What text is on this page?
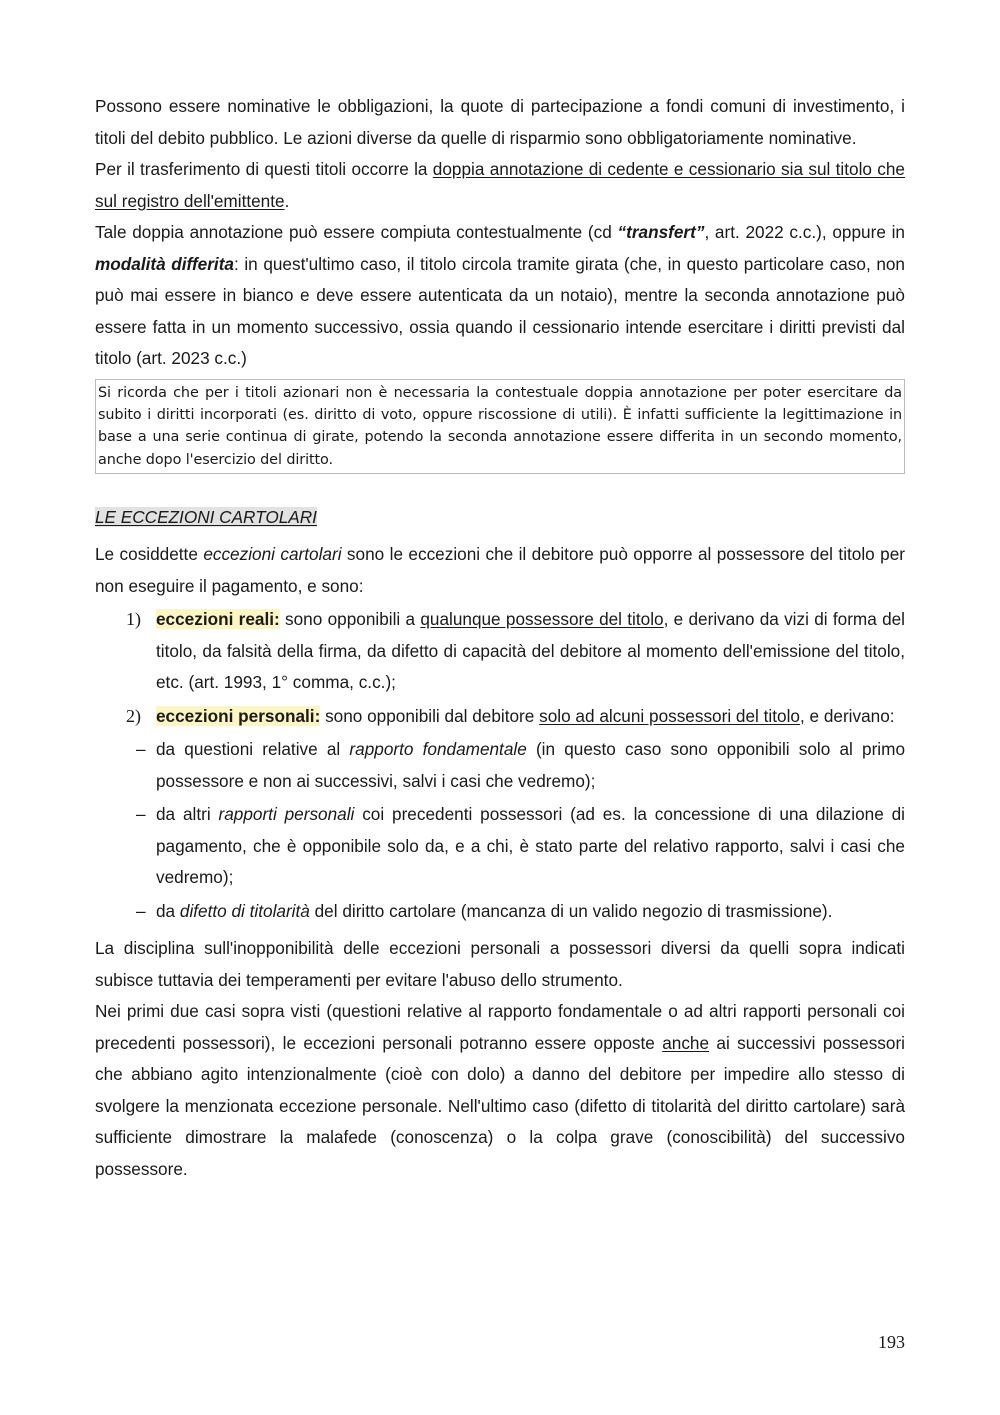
Possono essere nominative le obbligazioni, la quote di partecipazione a fondi comuni di investimento, i titoli del debito pubblico. Le azioni diverse da quelle di risparmio sono obbligatoriamente nominative.

Per il trasferimento di questi titoli occorre la doppia annotazione di cedente e cessionario sia sul titolo che sul registro dell'emittente.

Tale doppia annotazione può essere compiuta contestualmente (cd “transfert”, art. 2022 c.c.), oppure in modalità differita: in quest'ultimo caso, il titolo circola tramite girata (che, in questo particolare caso, non può mai essere in bianco e deve essere autenticata da un notaio), mentre la seconda annotazione può essere fatta in un momento successivo, ossia quando il cessionario intende esercitare i diritti previsti dal titolo (art. 2023 c.c.)

Si ricorda che per i titoli azionari non è necessaria la contestuale doppia annotazione per poter esercitare da subito i diritti incorporati (es. diritto di voto, oppure riscossione di utili). È infatti sufficiente la legittimazione in base a una serie continua di girate, potendo la seconda annotazione essere differita in un secondo momento, anche dopo l'esercizio del diritto.

LE ECCEZIONI CARTOLARI

Le cosiddette eccezioni cartolari sono le eccezioni che il debitore può opporre al possessore del titolo per non eseguire il pagamento, e sono:

1) eccezioni reali: sono opponibili a qualunque possessore del titolo, e derivano da vizi di forma del titolo, da falsità della firma, da difetto di capacità del debitore al momento dell'emissione del titolo, etc. (art. 1993, 1° comma, c.c.);
2) eccezioni personali: sono opponibili dal debitore solo ad alcuni possessori del titolo, e derivano:
– da questioni relative al rapporto fondamentale (in questo caso sono opponibili solo al primo possessore e non ai successivi, salvi i casi che vedremo);
– da altri rapporti personali coi precedenti possessori (ad es. la concessione di una dilazione di pagamento, che è opponibile solo da, e a chi, è stato parte del relativo rapporto, salvi i casi che vedremo);
– da difetto di titolarità del diritto cartolare (mancanza di un valido negozio di trasmissione).

La disciplina sull'inopponibilità delle eccezioni personali a possessori diversi da quelli sopra indicati subisce tuttavia dei temperamenti per evitare l'abuso dello strumento.

Nei primi due casi sopra visti (questioni relative al rapporto fondamentale o ad altri rapporti personali coi precedenti possessori), le eccezioni personali potranno essere opposte anche ai successivi possessori che abbiano agito intenzionalmente (cioè con dolo) a danno del debitore per impedire allo stesso di svolgere la menzionata eccezione personale. Nell'ultimo caso (difetto di titolarità del diritto cartolare) sarà sufficiente dimostrare la malafede (conoscenza) o la colpa grave (conoscibilità) del successivo possessore.

193
